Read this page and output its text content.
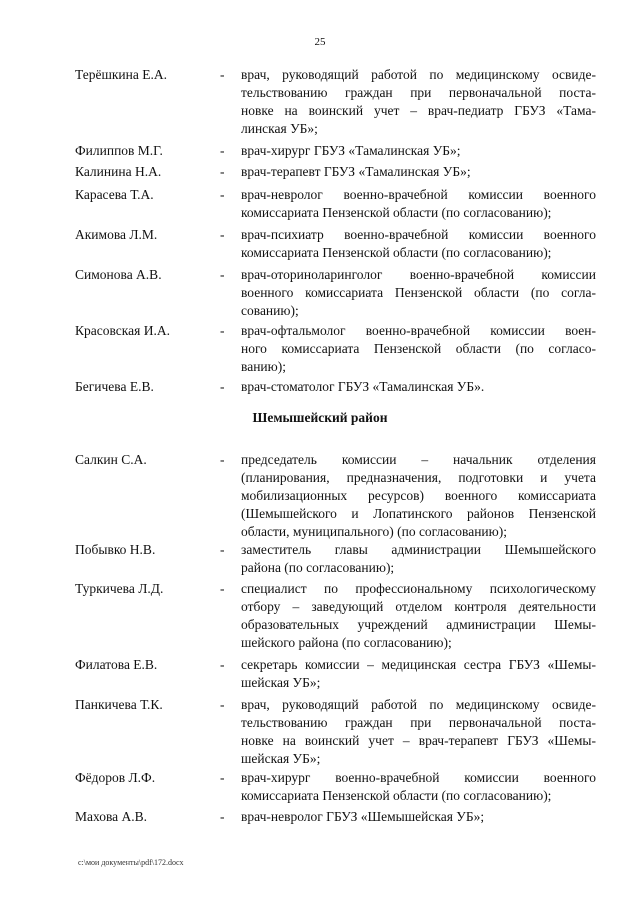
25
Терёшкина Е.А.	- врач, руководящий работой по медицинскому освиде-
тельствованию граждан при первоначальной поста-
новке на воинский учет – врач-педиатр ГБУЗ «Тама-
линская УБ»;
Филиппов М.Г.	- врач-хирург ГБУЗ «Тамалинская УБ»;
Калинина Н.А.	- врач-терапевт ГБУЗ «Тамалинская УБ»;
Карасева Т.А.	- врач-невролог военно-врачебной комиссии военного
комиссариата Пензенской области (по согласованию);
Акимова Л.М.	- врач-психиатр военно-врачебной комиссии военного
комиссариата Пензенской области (по согласованию);
Симонова А.В.	- врач-оториноларинголог военно-врачебной комиссии
военного комиссариата Пензенской области (по согла-
сованию);
Красовская И.А.	- врач-офтальмолог военно-врачебной комиссии воен-
ного комиссариата Пензенской области (по согласо-
ванию);
Бегичева Е.В.	- врач-стоматолог ГБУЗ «Тамалинская УБ».
Салкин С.А.	- председатель комиссии – начальник отделения
(планирования, предназначения, подготовки и учета
мобилизационных ресурсов) военного комиссариата
(Шемышейского и Лопатинского районов Пензенской
области, муниципального) (по согласованию);
Побывко Н.В.	- заместитель главы администрации Шемышейского
района (по согласованию);
Туркичева Л.Д.	- специалист по профессиональному психологическому
отбору – заведующий отделом контроля деятельности
образовательных учреждений администрации Шемы-
шейского района (по согласованию);
Филатова Е.В.	- секретарь комиссии – медицинская сестра ГБУЗ «Шемы-
шейская УБ»;
Панкичева Т.К.	- врач, руководящий работой по медицинскому освиде-
тельствованию граждан при первоначальной поста-
новке на воинский учет – врач-терапевт ГБУЗ «Шемы-
шейская УБ»;
Фёдоров Л.Ф.	- врач-хирург военно-врачебной комиссии военного
комиссариата Пензенской области (по согласованию);
Махова А.В.	- врач-невролог ГБУЗ «Шемышейская УБ»;
Шемышейский район
c:\мои документы\pdf\172.docx
